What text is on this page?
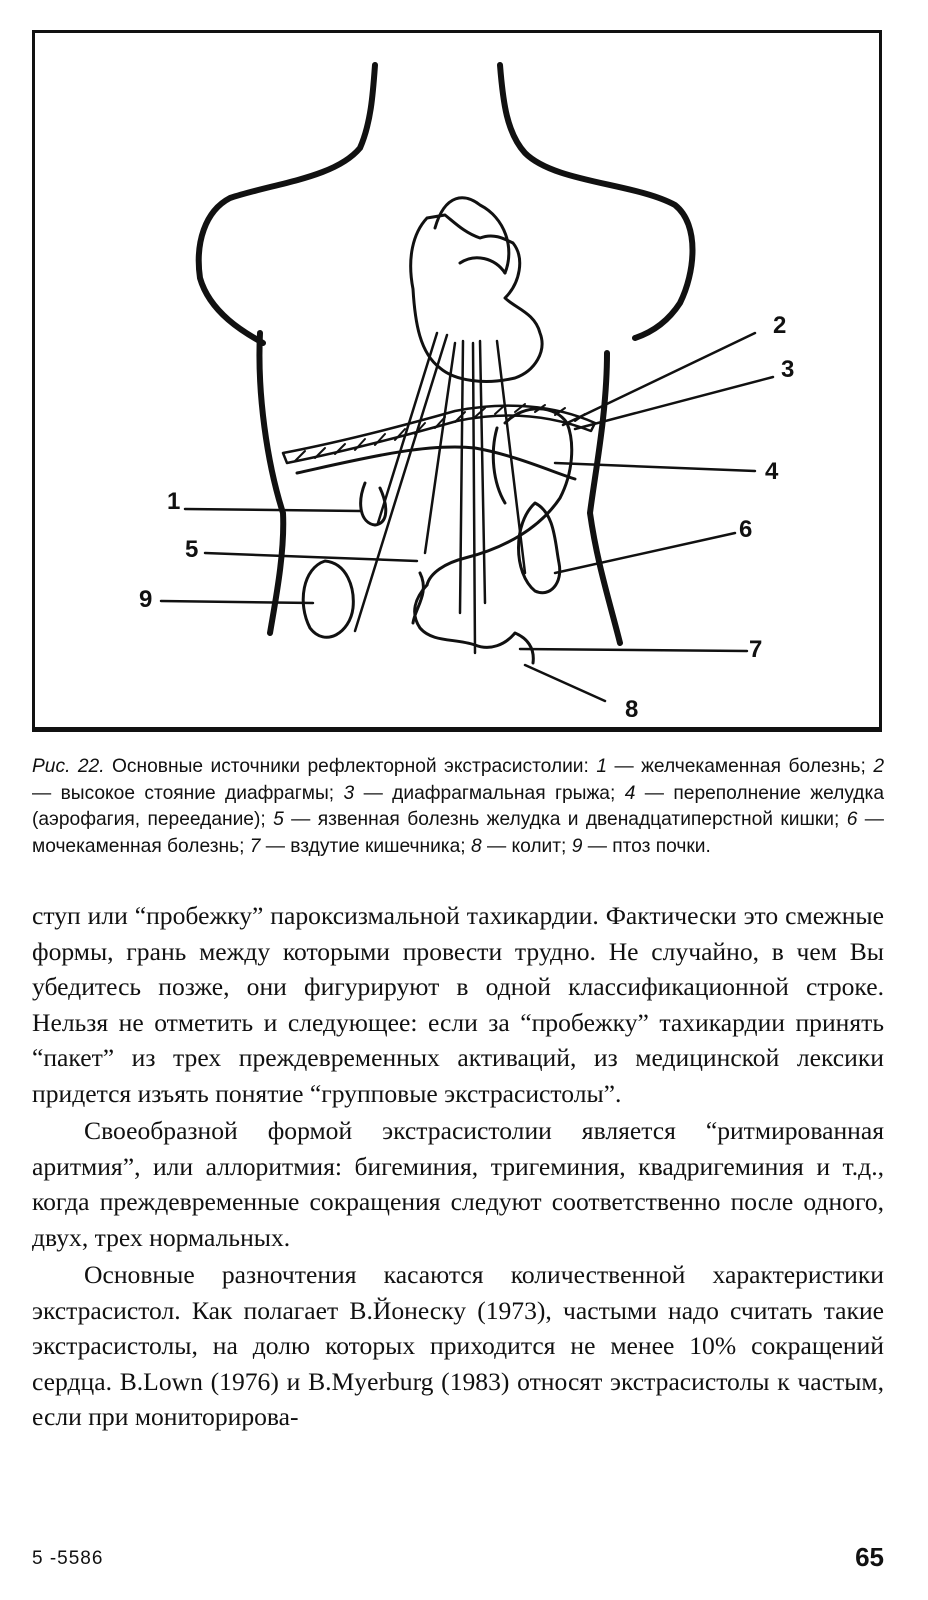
1
2
3
4
5
6
9
7
8

Рис. 22. Основные источники рефлекторной экстрасистолии: 1 — желчекаменная болезнь; 2 — высокое стояние диафрагмы; 3 — диафрагмальная грыжа; 4 — переполнение желудка (аэрофагия, переедание); 5 — язвенная болезнь желудка и двенадцатиперстной кишки; 6 — мочекаменная болезнь; 7 — вздутие кишечника; 8 — колит; 9 — птоз почки.

ступ или “пробежку” пароксизмальной тахикардии. Фактически это смежные формы, грань между которыми провести трудно. Не случайно, в чем Вы убедитесь позже, они фигурируют в одной классификационной строке. Нельзя не отметить и следующее: если за “пробежку” тахикардии принять “пакет” из трех преждевременных активаций, из медицинской лексики придется изъять понятие “групповые экстрасистолы”.

Своеобразной формой экстрасистолии является “ритмированная аритмия”, или аллоритмия: бигеминия, тригеминия, квадригеминия и т.д., когда преждевременные сокращения следуют соответственно после одного, двух, трех нормальных.

Основные разночтения касаются количественной характеристики экстрасистол. Как полагает В.Йонеску (1973), частыми надо считать такие экстрасистолы, на долю которых приходится не менее 10% сокращений сердца. B.Lown (1976) и B.Myerburg (1983) относят экстрасистолы к частым, если при мониторирова-

5 -5586	65
